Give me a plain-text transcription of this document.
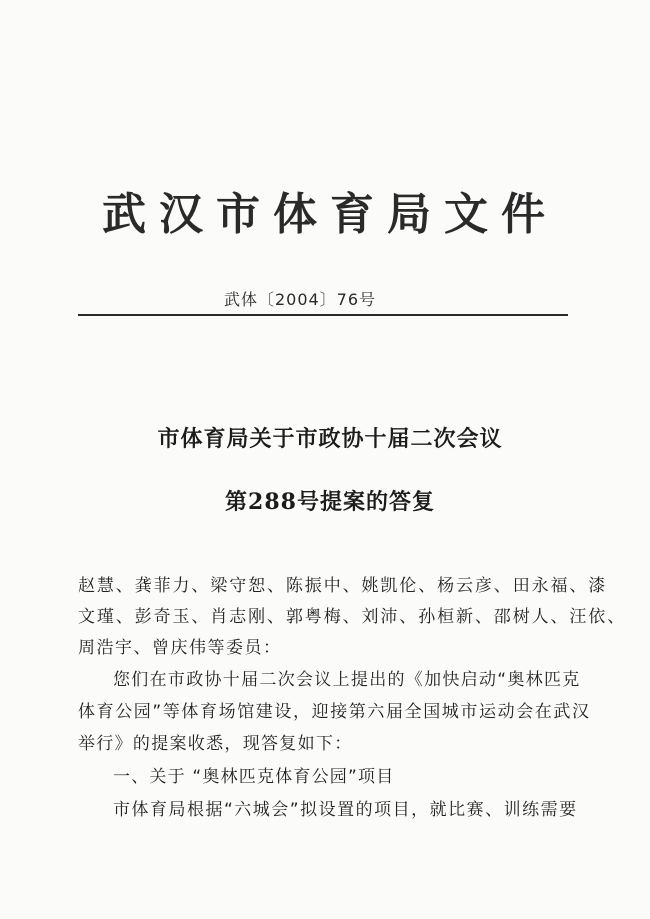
武汉市体育局文件
武体〔2004〕76号
市体育局关于市政协十届二次会议
第288号提案的答复
赵慧、龚菲力、梁守恕、陈振中、姚凯伦、杨云彦、田永福、漆
文瑾、彭奇玉、肖志刚、郭粤梅、刘沛、孙桓新、邵树人、汪依、
周浩宇、曾庆伟等委员：
您们在市政协十届二次会议上提出的《加快启动“奥林匹克
体育公园”等体育场馆建设，迎接第六届全国城市运动会在武汉
举行》的提案收悉，现答复如下：
一、关于 “奥林匹克体育公园”项目
市体育局根据“六城会”拟设置的项目，就比赛、训练需要
